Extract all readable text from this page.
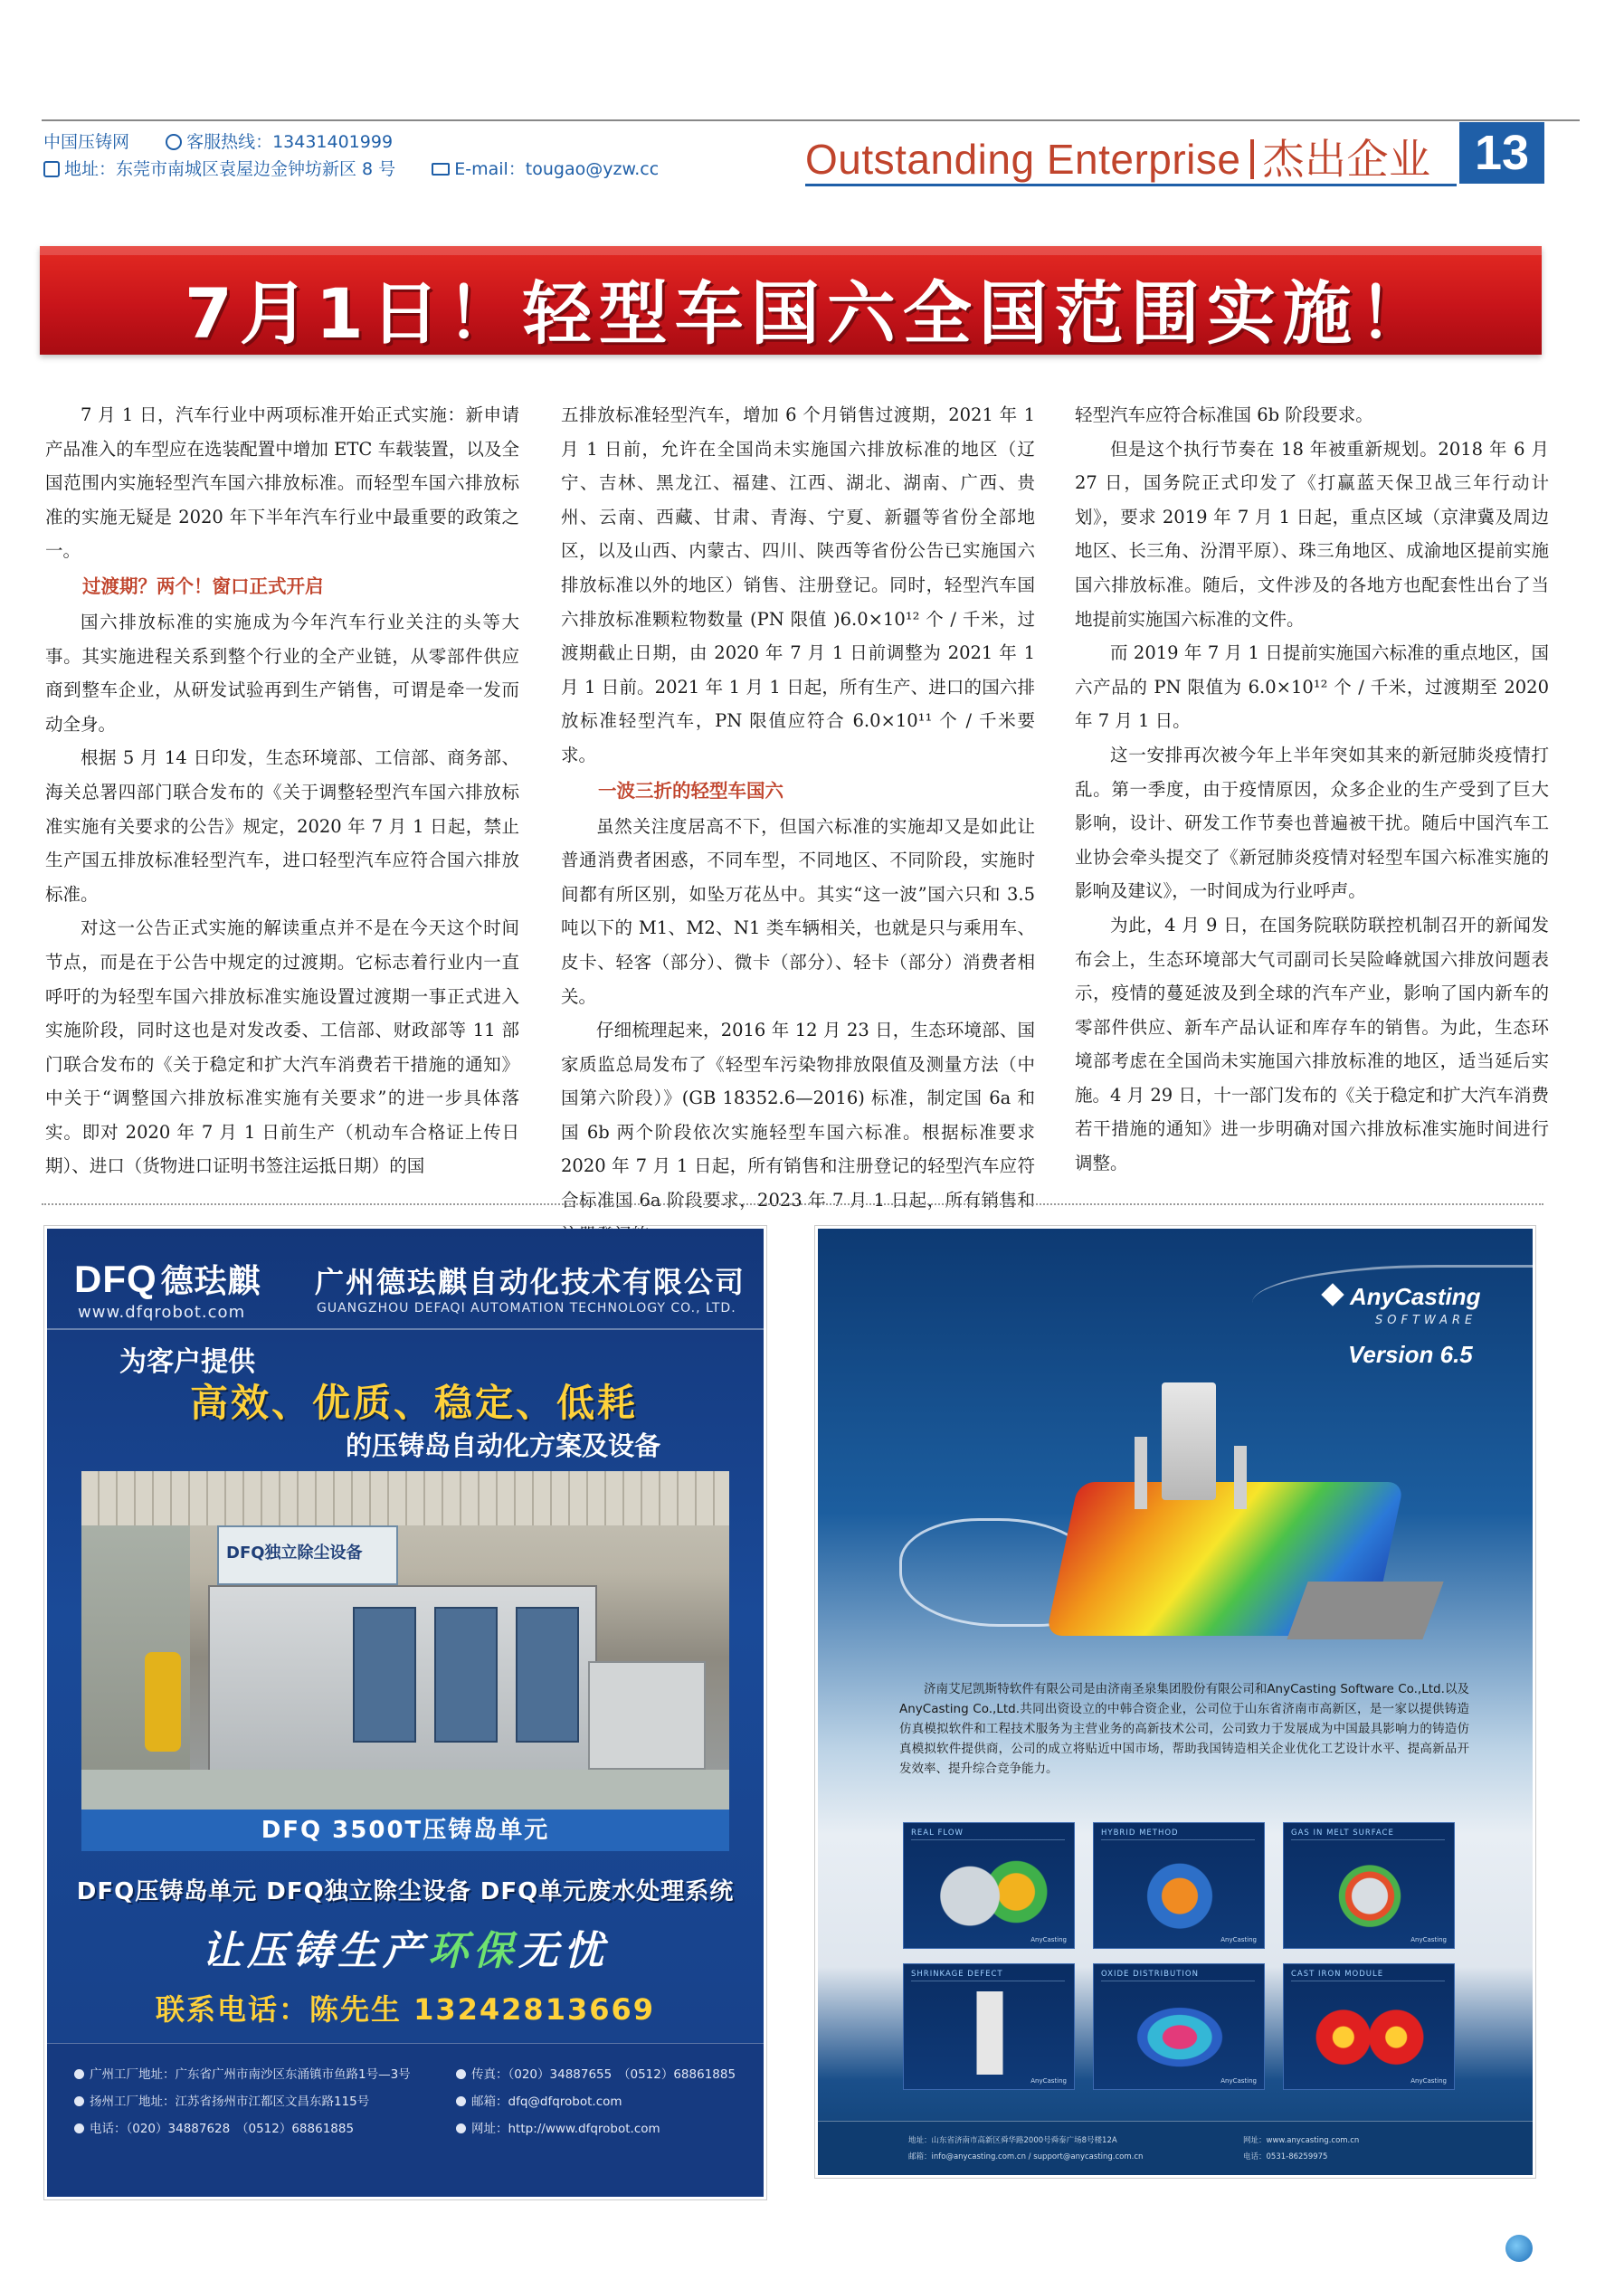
中国压铸网	客服热线：13431401999
地址：东莞市南城区袁屋边金钟坊新区 8 号	E-mail：tougao@yzw.cc	Outstanding Enterprise 杰出企业 13
7月1日！轻型车国六全国范围实施！

7 月 1 日，汽车行业中两项标准开始正式实施：新申请产品准入的车型应在选装配置中增加 ETC 车载装置，以及全国范围内实施轻型汽车国六排放标准。而轻型车国六排放标准的实施无疑是 2020 年下半年汽车行业中最重要的政策之一。

过渡期？两个！窗口正式开启

国六排放标准的实施成为今年汽车行业关注的头等大事。其实施进程关系到整个行业的全产业链，从零部件供应商到整车企业，从研发试验再到生产销售，可谓是牵一发而动全身。

根据 5 月 14 日印发，生态环境部、工信部、商务部、海关总署四部门联合发布的《关于调整轻型汽车国六排放标准实施有关要求的公告》规定，2020 年 7 月 1 日起，禁止生产国五排放标准轻型汽车，进口轻型汽车应符合国六排放标准。

对这一公告正式实施的解读重点并不是在今天这个时间节点，而是在于公告中规定的过渡期。它标志着行业内一直呼吁的为轻型车国六排放标准实施设置过渡期一事正式进入实施阶段，同时这也是对发改委、工信部、财政部等 11 部门联合发布的《关于稳定和扩大汽车消费若干措施的通知》中关于“调整国六排放标准实施有关要求”的进一步具体落实。即对 2020 年 7 月 1 日前生产（机动车合格证上传日期）、进口（货物进口证明书签注运抵日期）的国

五排放标准轻型汽车，增加 6 个月销售过渡期，2021 年 1 月 1 日前，允许在全国尚未实施国六排放标准的地区（辽宁、吉林、黑龙江、福建、江西、湖北、湖南、广西、贵州、云南、西藏、甘肃、青海、宁夏、新疆等省份全部地区，以及山西、内蒙古、四川、陕西等省份公告已实施国六排放标准以外的地区）销售、注册登记。同时，轻型汽车国六排放标准颗粒物数量 (PN 限值 )6.0×10¹² 个 / 千米，过渡期截止日期，由 2020 年 7 月 1 日前调整为 2021 年 1 月 1 日前。2021 年 1 月 1 日起，所有生产、进口的国六排放标准轻型汽车，PN 限值应符合 6.0×10¹¹ 个 / 千米要求。

一波三折的轻型车国六

虽然关注度居高不下，但国六标准的实施却又是如此让普通消费者困惑，不同车型，不同地区、不同阶段，实施时间都有所区别，如坠万花丛中。其实“这一波”国六只和 3.5 吨以下的 M1、M2、N1 类车辆相关，也就是只与乘用车、皮卡、轻客（部分）、微卡（部分）、轻卡（部分）消费者相关。

仔细梳理起来，2016 年 12 月 23 日，生态环境部、国家质监总局发布了《轻型车污染物排放限值及测量方法（中国第六阶段）》(GB 18352.6—2016) 标准，制定国 6a 和国 6b 两个阶段依次实施轻型车国六标准。根据标准要求 2020 年 7 月 1 日起，所有销售和注册登记的轻型汽车应符合标准国 6a 阶段要求，2023 年 7 月 1 日起，所有销售和

轻型汽车应符合标准国 6b 阶段要求。

但是这个执行节奏在 18 年被重新规划。2018 年 6 月 27 日，国务院正式印发了《打赢蓝天保卫战三年行动计划》，要求 2019 年 7 月 1 日起，重点区域（京津冀及周边地区、长三角、汾渭平原）、珠三角地区、成渝地区提前实施国六排放标准。随后，文件涉及的各地方也配套性出台了当地提前实施国六标准的文件。

而 2019 年 7 月 1 日提前实施国六标准的重点地区，国六产品的 PN 限值为 6.0×10¹² 个 / 千米，过渡期至 2020 年 7 月 1 日。

这一安排再次被今年上半年突如其来的新冠肺炎疫情打乱。第一季度，由于疫情原因，众多企业的生产受到了巨大影响，设计、研发工作节奏也普遍被干扰。随后中国汽车工业协会牵头提交了《新冠肺炎疫情对轻型车国六标准实施的影响及建议》，一时间成为行业呼声。

为此，4 月 9 日，在国务院联防联控机制召开的新闻发布会上，生态环境部大气司副司长吴险峰就国六排放问题表示，疫情的蔓延波及到全球的汽车产业，影响了国内新车的零部件供应、新车产品认证和库存车的销售。为此，生态环境部考虑在全国尚未实施国六排放标准的地区，适当延后实施。4 月 29 日，十一部门发布的《关于稳定和扩大汽车消费若干措施的通知》进一步明确对国六排放标准实施时间进行调整。

DFQ 德珐麒
www.dfqrobot.com
广州德珐麒自动化技术有限公司
GUANGZHOU DEFAQI AUTOMATION TECHNOLOGY CO., LTD.
为客户提供
高效、优质、稳定、低耗
的压铸岛自动化方案及设备
DFQ独立除尘设备
DFQ 3500T压铸岛单元
DFQ压铸岛单元 DFQ独立除尘设备 DFQ单元废水处理系统
让压铸生产环保无忧
联系电话：陈先生 13242813669
广州工厂地址：广东省广州市南沙区东涌镇市鱼路1号—3号
扬州工厂地址：江苏省扬州市江都区文昌东路115号
电话：（020）34887628　（0512）68861885
传真：（020）34887655　（0512）68861885
邮箱：dfq@dfqrobot.com
网址：http://www.dfqrobot.com
AnyCasting
SOFTWARE
Version 6.5
济南艾尼凯斯特软件有限公司是由济南圣泉集团股份有限公司和AnyCasting Software Co.,Ltd.以及AnyCasting Co.,Ltd.共同出资设立的中韩合资企业，公司位于山东省济南市高新区，是一家以提供铸造仿真模拟软件和工程技术服务为主营业务的高新技术公司，公司致力于发展成为中国最具影响力的铸造仿真模拟软件提供商，公司的成立将贴近中国市场，帮助我国铸造相关企业优化工艺设计水平、提高新品开发效率、提升综合竞争能力。
REAL FLOW
AnyCasting
HYBRID METHOD
AnyCasting
GAS IN MELT SURFACE
AnyCasting
SHRINKAGE DEFECT
AnyCasting
OXIDE DISTRIBUTION
AnyCasting
CAST IRON MODULE
AnyCasting
地址：山东省济南市高新区舜华路2000号舜泰广场8号楼12A
邮箱：info@anycasting.com.cn / support@anycasting.com.cn
网址：www.anycasting.com.cn
电话：0531-86259975
